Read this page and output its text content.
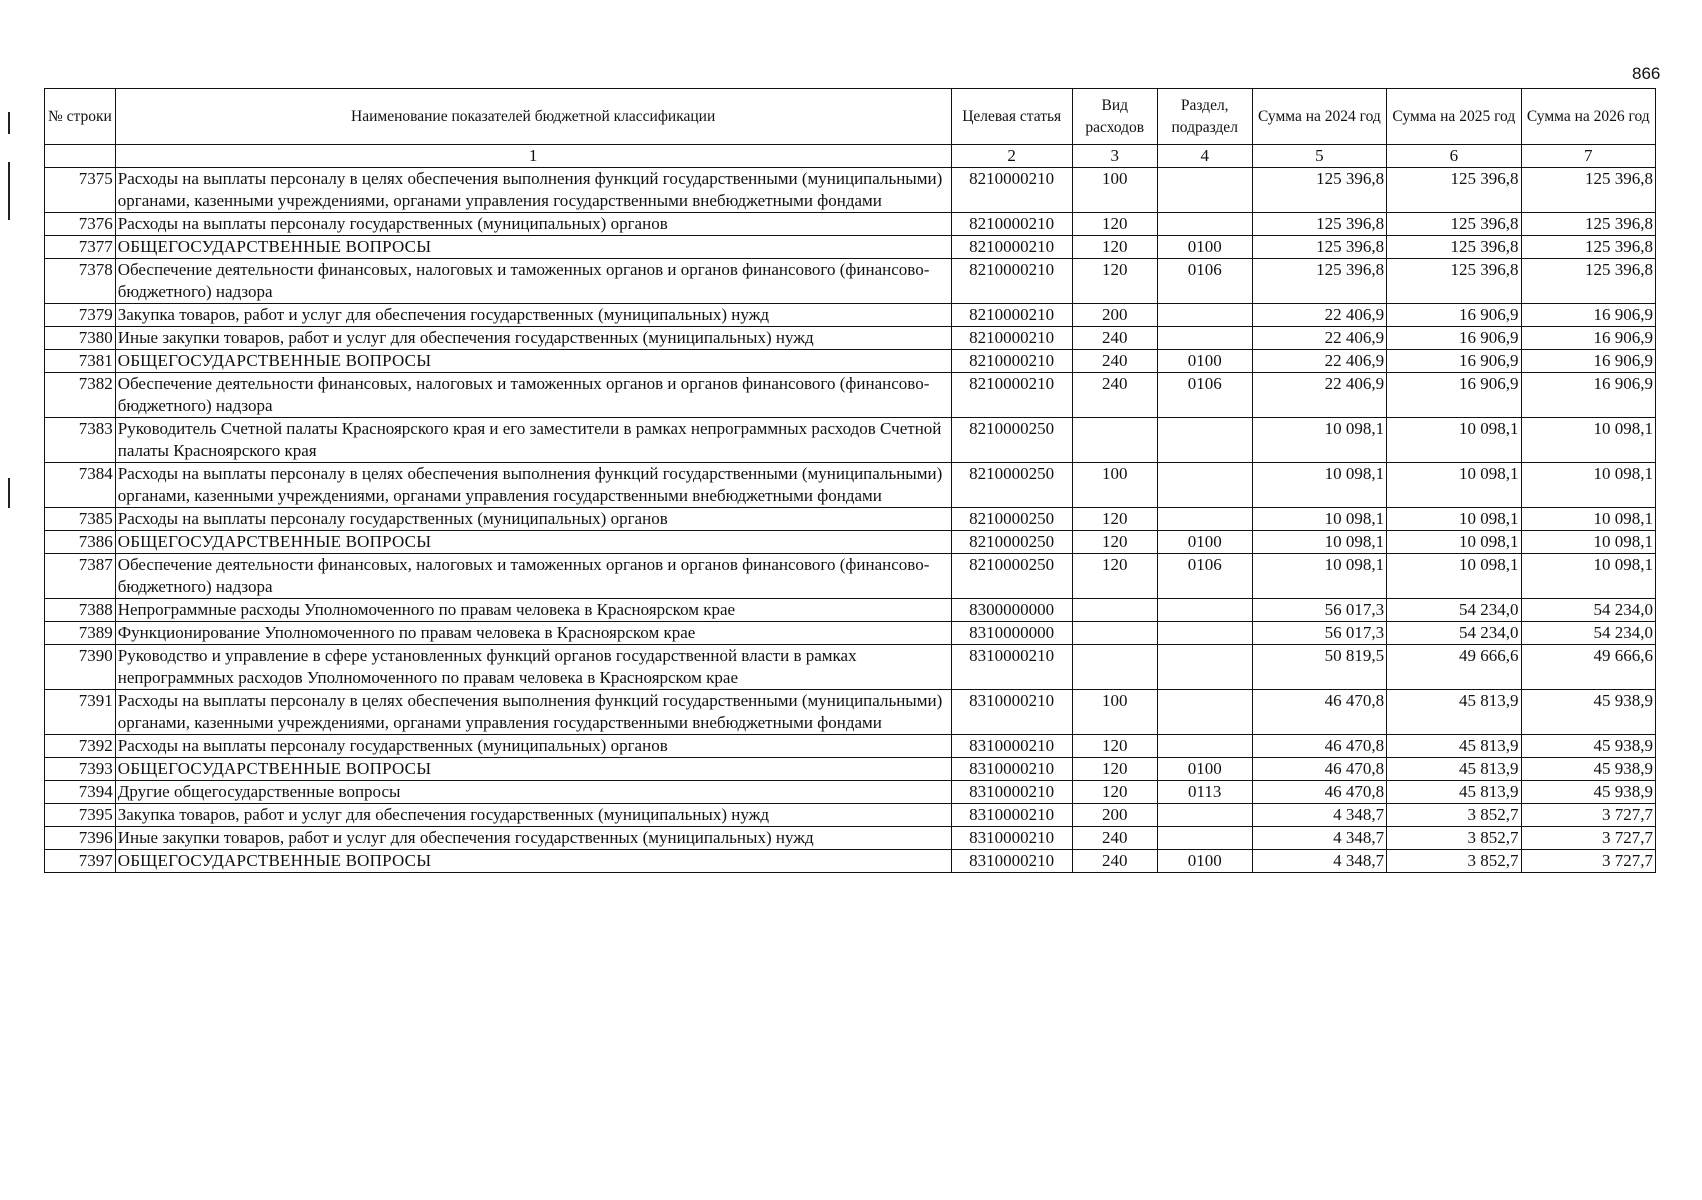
866
№ строки	Наименование показателей бюджетной классификации	Целевая статья	Вид расходов	Раздел, подраздел	Сумма на 2024 год	Сумма на 2025 год	Сумма на 2026 год
	1	2	3	4	5	6	7
7375	Расходы на выплаты персоналу в целях обеспечения выполнения функций государственными (муниципальными) органами, казенными учреждениями, органами управления государственными внебюджетными фондами	8210000210	100		125 396,8	125 396,8	125 396,8
7376	Расходы на выплаты персоналу государственных (муниципальных) органов	8210000210	120		125 396,8	125 396,8	125 396,8
7377	ОБЩЕГОСУДАРСТВЕННЫЕ ВОПРОСЫ	8210000210	120	0100	125 396,8	125 396,8	125 396,8
7378	Обеспечение деятельности финансовых, налоговых и таможенных органов и органов финансового (финансово-бюджетного) надзора	8210000210	120	0106	125 396,8	125 396,8	125 396,8
7379	Закупка товаров, работ и услуг для обеспечения государственных (муниципальных) нужд	8210000210	200		22 406,9	16 906,9	16 906,9
7380	Иные закупки товаров, работ и услуг для обеспечения государственных (муниципальных) нужд	8210000210	240		22 406,9	16 906,9	16 906,9
7381	ОБЩЕГОСУДАРСТВЕННЫЕ ВОПРОСЫ	8210000210	240	0100	22 406,9	16 906,9	16 906,9
7382	Обеспечение деятельности финансовых, налоговых и таможенных органов и органов финансового (финансово-бюджетного) надзора	8210000210	240	0106	22 406,9	16 906,9	16 906,9
7383	Руководитель Счетной палаты Красноярского края и его заместители в рамках непрограммных расходов Счетной палаты Красноярского края	8210000250			10 098,1	10 098,1	10 098,1
7384	Расходы на выплаты персоналу в целях обеспечения выполнения функций государственными (муниципальными) органами, казенными учреждениями, органами управления государственными внебюджетными фондами	8210000250	100		10 098,1	10 098,1	10 098,1
7385	Расходы на выплаты персоналу государственных (муниципальных) органов	8210000250	120		10 098,1	10 098,1	10 098,1
7386	ОБЩЕГОСУДАРСТВЕННЫЕ ВОПРОСЫ	8210000250	120	0100	10 098,1	10 098,1	10 098,1
7387	Обеспечение деятельности финансовых, налоговых и таможенных органов и органов финансового (финансово-бюджетного) надзора	8210000250	120	0106	10 098,1	10 098,1	10 098,1
7388	Непрограммные расходы Уполномоченного по правам человека в Красноярском крае	8300000000			56 017,3	54 234,0	54 234,0
7389	Функционирование Уполномоченного по правам человека в Красноярском крае	8310000000			56 017,3	54 234,0	54 234,0
7390	Руководство и управление в сфере установленных функций органов государственной власти в рамках непрограммных расходов Уполномоченного по правам человека в Красноярском крае	8310000210			50 819,5	49 666,6	49 666,6
7391	Расходы на выплаты персоналу в целях обеспечения выполнения функций государственными (муниципальными) органами, казенными учреждениями, органами управления государственными внебюджетными фондами	8310000210	100		46 470,8	45 813,9	45 938,9
7392	Расходы на выплаты персоналу государственных (муниципальных) органов	8310000210	120		46 470,8	45 813,9	45 938,9
7393	ОБЩЕГОСУДАРСТВЕННЫЕ ВОПРОСЫ	8310000210	120	0100	46 470,8	45 813,9	45 938,9
7394	Другие общегосударственные вопросы	8310000210	120	0113	46 470,8	45 813,9	45 938,9
7395	Закупка товаров, работ и услуг для обеспечения государственных (муниципальных) нужд	8310000210	200		4 348,7	3 852,7	3 727,7
7396	Иные закупки товаров, работ и услуг для обеспечения государственных (муниципальных) нужд	8310000210	240		4 348,7	3 852,7	3 727,7
7397	ОБЩЕГОСУДАРСТВЕННЫЕ ВОПРОСЫ	8310000210	240	0100	4 348,7	3 852,7	3 727,7
